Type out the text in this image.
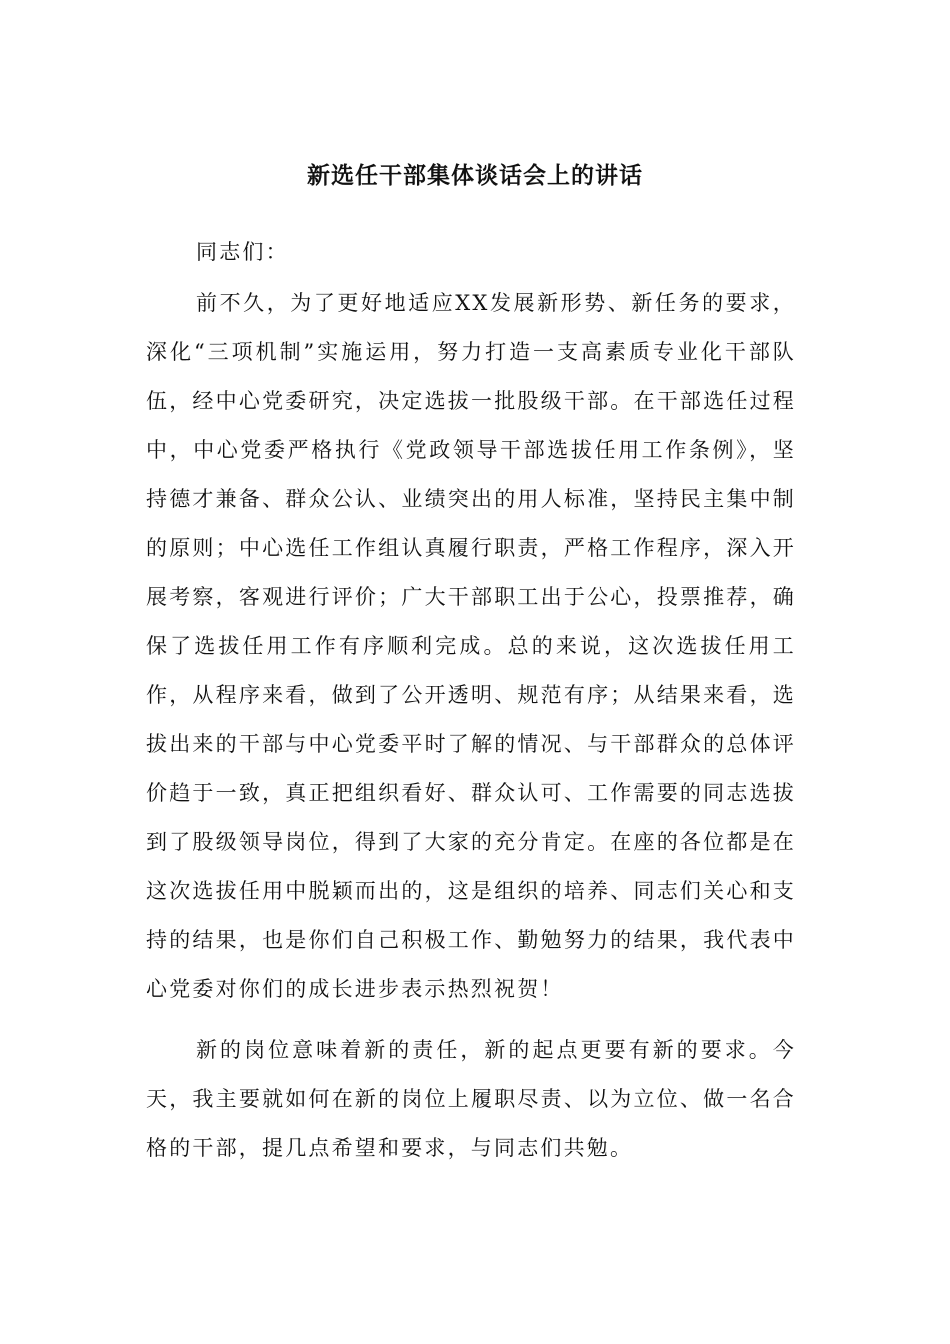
新选任干部集体谈话会上的讲话

同志们：

前不久，为了更好地适应XX发展新形势、新任务的要求，深化“三项机制”实施运用，努力打造一支高素质专业化干部队伍，经中心党委研究，决定选拔一批股级干部。在干部选任过程中，中心党委严格执行《党政领导干部选拔任用工作条例》，坚持德才兼备、群众公认、业绩突出的用人标准，坚持民主集中制的原则；中心选任工作组认真履行职责，严格工作程序，深入开展考察，客观进行评价；广大干部职工出于公心，投票推荐，确保了选拔任用工作有序顺利完成。总的来说，这次选拔任用工作，从程序来看，做到了公开透明、规范有序；从结果来看，选拔出来的干部与中心党委平时了解的情况、与干部群众的总体评价趋于一致，真正把组织看好、群众认可、工作需要的同志选拔到了股级领导岗位，得到了大家的充分肯定。在座的各位都是在这次选拔任用中脱颖而出的，这是组织的培养、同志们关心和支持的结果，也是你们自己积极工作、勤勉努力的结果，我代表中心党委对你们的成长进步表示热烈祝贺！

新的岗位意味着新的责任，新的起点更要有新的要求。今天，我主要就如何在新的岗位上履职尽责、以为立位、做一名合格的干部，提几点希望和要求，与同志们共勉。
